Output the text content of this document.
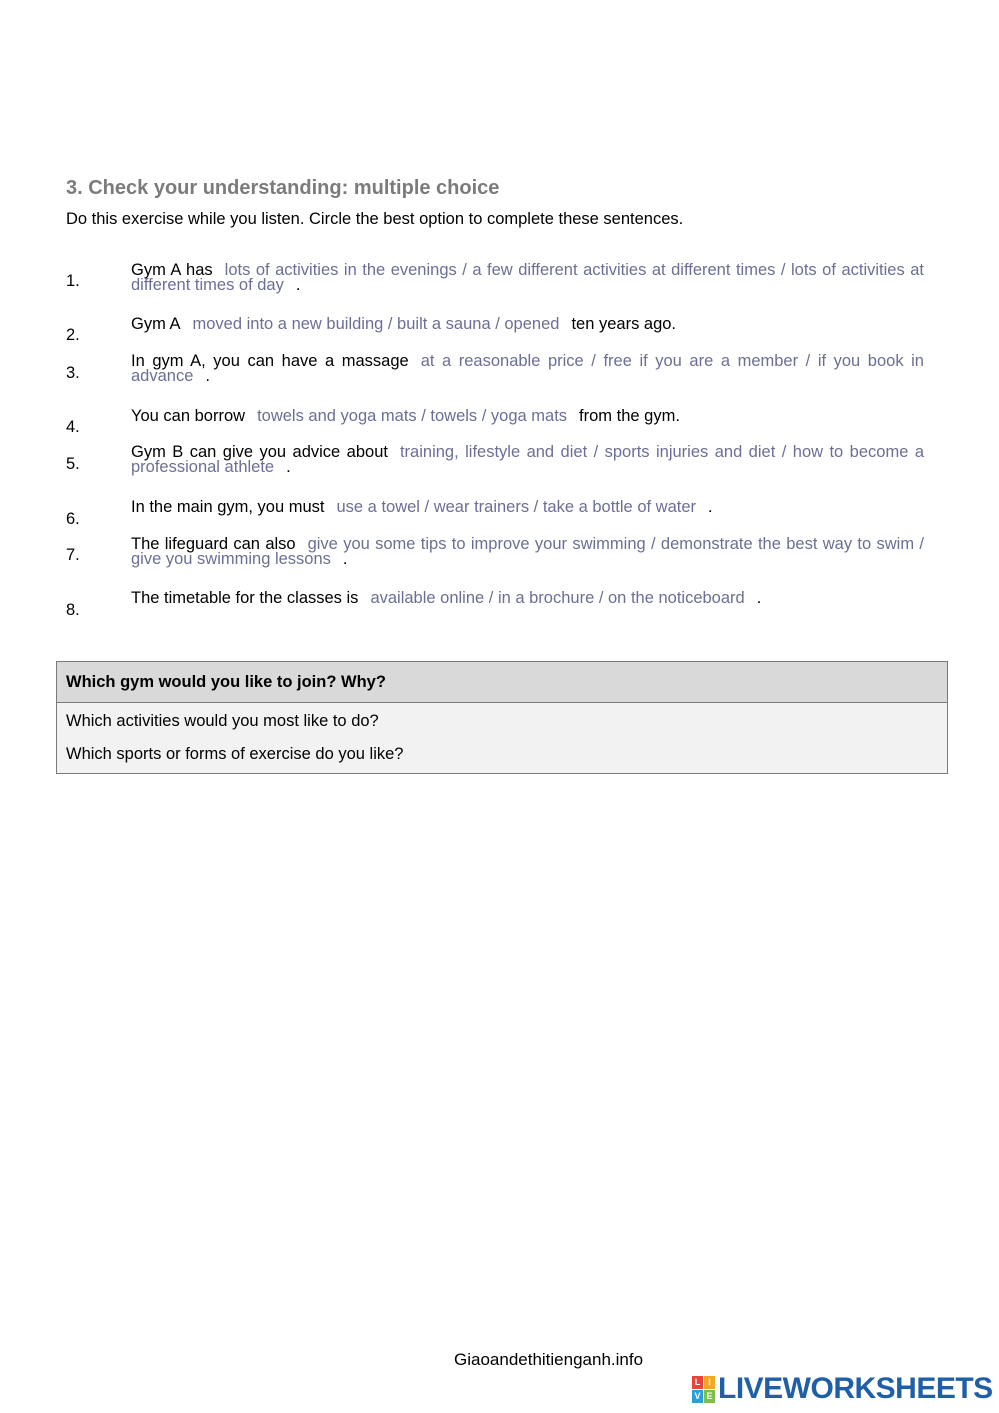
3. Check your understanding: multiple choice
Do this exercise while you listen. Circle the best option to complete these sentences.
1.
Gym A has lots of activities in the evenings / a few different activities at different times / lots of activities at different times of day .
2.
Gym A moved into a new building / built a sauna / opened ten years ago.
3.
In gym A, you can have a massage at a reasonable price / free if you are a member / if you book in advance .
4.
You can borrow towels and yoga mats / towels / yoga mats from the gym.
5.
Gym B can give you advice about training, lifestyle and diet / sports injuries and diet / how to become a professional athlete .
6.
In the main gym, you must use a towel / wear trainers / take a bottle of water .
7.
The lifeguard can also give you some tips to improve your swimming / demonstrate the best way to swim / give you swimming lessons .
8.
The timetable for the classes is available online / in a brochure / on the noticeboard .
Which gym would you like to join? Why?
Which activities would you most like to do?
Which sports or forms of exercise do you like?
Giaoandethitienganh.info
L I
V E LIVEWORKSHEETS
